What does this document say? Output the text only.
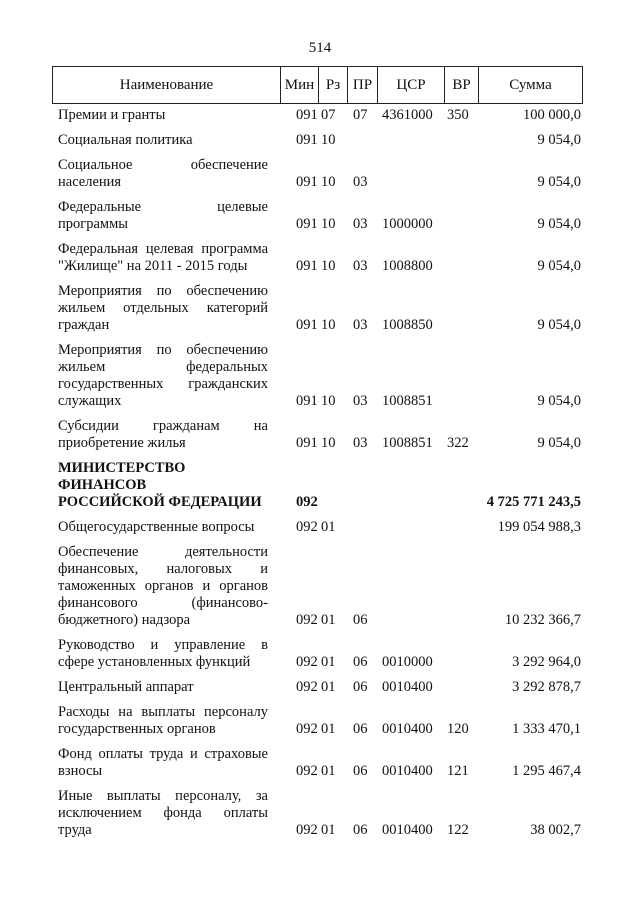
514
Наименование	Мин Рз ПР	ЦСР	ВР	Сумма
Премии и гранты	091 07	07	4361000 350	100 000,0
Социальная политика	091 10	9 054,0
Социальное обеспечение
населения	091 10	03	9 054,0
Федеральные целевые
программы	091 10	03	1000000	9 054,0
Федеральная целевая программа
"Жилище" на 2011 - 2015 годы	091 10	03	1008800	9 054,0
Мероприятия по обеспечению
жильем отдельных категорий
граждан	091 10	03	1008850	9 054,0
Мероприятия по обеспечению
жильем федеральных
государственных гражданских
служащих	091 10	03	1008851	9 054,0
Субсидии гражданам на
приобретение жилья	091 10	03	1008851 322	9 054,0
МИНИСТЕРСТВО ФИНАНСОВ
РОССИЙСКОЙ ФЕДЕРАЦИИ	092	4 725 771 243,5
Общегосударственные вопросы	092 01	199 054 988,3
Обеспечение деятельности
финансовых, налоговых и
таможенных органов и органов
финансового (финансово-
бюджетного) надзора	092 01	06	10 232 366,7
Руководство и управление в
сфере установленных функций	092 01	06	0010000	3 292 964,0
Центральный аппарат	092 01	06	0010400	3 292 878,7
Расходы на выплаты персоналу
государственных органов	092 01	06	0010400 120	1 333 470,1
Фонд оплаты труда и страховые
взносы	092 01	06	0010400 121	1 295 467,4
Иные выплаты персоналу, за
исключением фонда оплаты
труда	092 01	06	0010400 122	38 002,7
